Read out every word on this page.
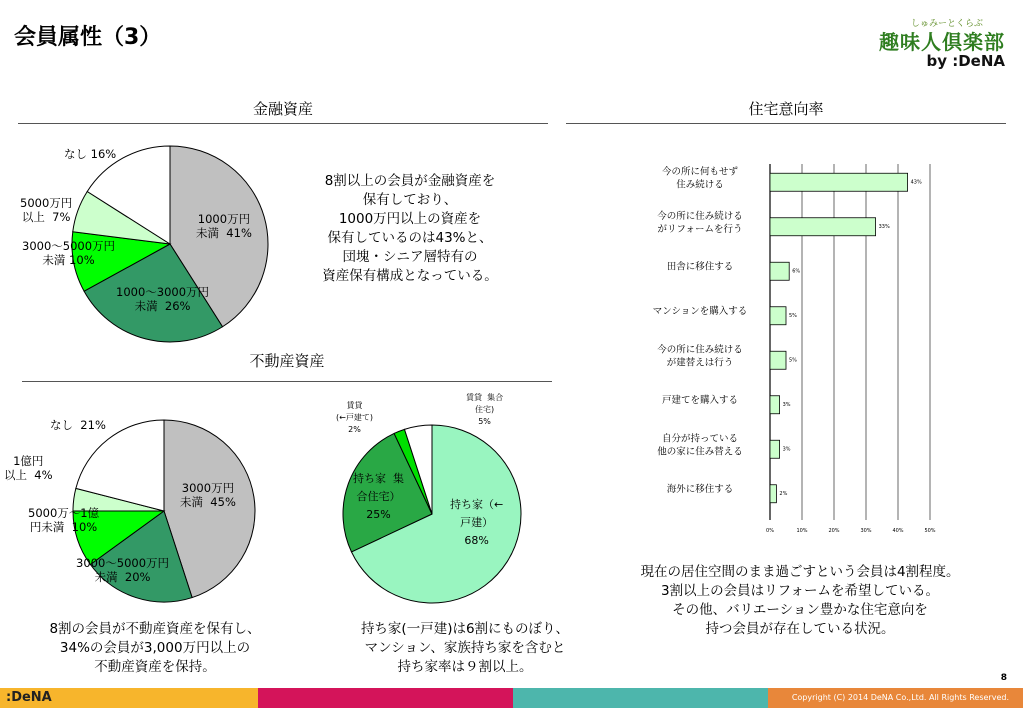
会員属性（3）
しゅみーとくらぶ
趣味人倶楽部
by :DeNA
金融資産
1000万円
未満  41%
1000～3000万円
未満  26%
3000～5000万円
未満 10%
5000万円
以上  7%
なし 16%
8割以上の会員が金融資産を
保有しており、
1000万円以上の資産を
保有しているのは43%と、
団塊・シニア層特有の
資産保有構成となっている。
不動産資産
3000万円
未満  45%
3000～5000万円
未満  20%
5000万～1億
円未満  10%
1億円
以上  4%
なし  21%
8割の会員が不動産資産を保有し、
34%の会員が3,000万円以上の
不動産資産を保持。
持ち家（←
戸建）
68%
持ち家  集
合住宅）
25%
賃貸
(←戸建て)
2%
賃貸  集合
住宅)
5%
持ち家(一戸建)は6割にものぼり、
マンション、家族持ち家を含むと
持ち家率は９割以上。
住宅意向率
0%	10%	20%	30%	40%	50%
今の所に何もせず住み続ける	43%
今の所に住み続けるがリフォームを行う	33%
田舎に移住する	6%
マンションを購入する	5%
今の所に住み続けるが建替えは行う	5%
戸建てを購入する	3%
自分が持っている他の家に住み替える	3%
海外に移住する	2%
現在の居住空間のまま過ごすという会員は4割程度。
3割以上の会員はリフォームを希望している。
その他、バリエーション豊かな住宅意向を
持つ会員が存在している状況。
8
:DeNA	Copyright (C) 2014 DeNA Co.,Ltd. All Rights Reserved.
